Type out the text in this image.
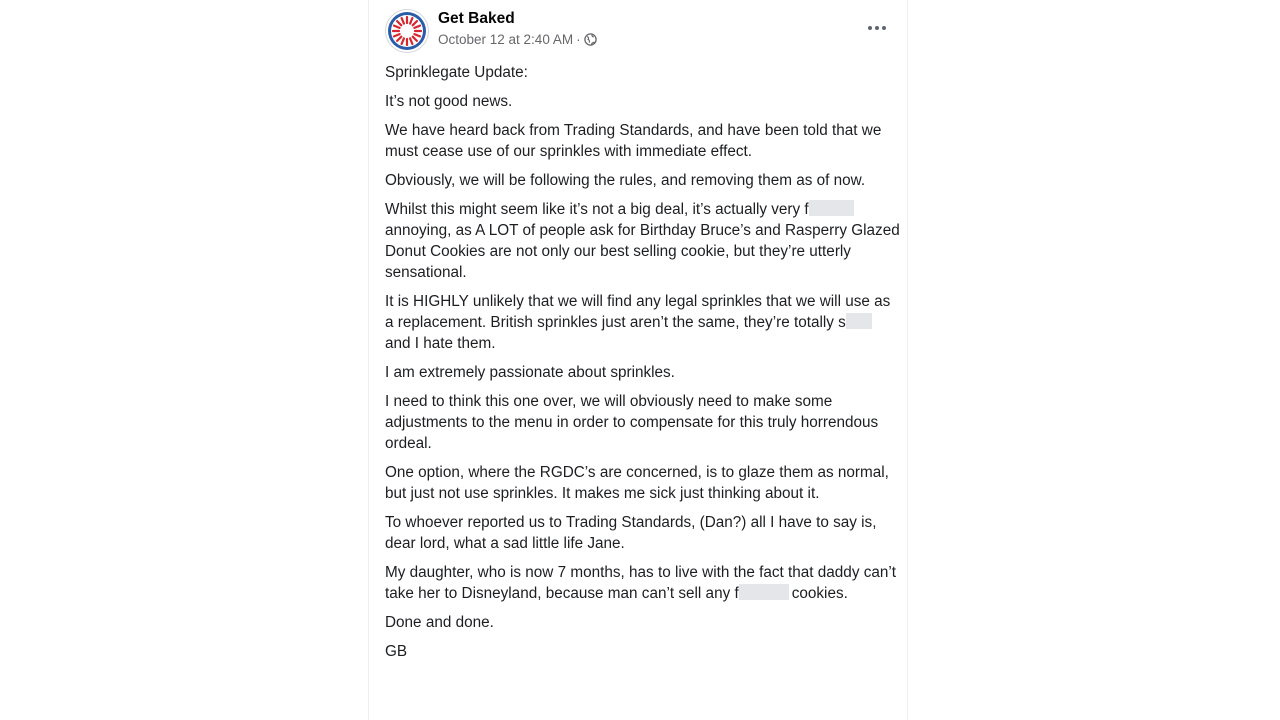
Get Baked
October 12 at 2:40 AM ·

Sprinklegate Update:

It’s not good news.

We have heard back from Trading Standards, and have been told that we must cease use of our sprinkles with immediate effect.

Obviously, we will be following the rules, and removing them as of now.

Whilst this might seem like it’s not a big deal, it’s actually very fannoying, as A LOT of people ask for Birthday Bruce’s and Rasperry Glazed Donut Cookies are not only our best selling cookie, but they’re utterly sensational.

It is HIGHLY unlikely that we will find any legal sprinkles that we will use as a replacement. British sprinkles just aren’t the same, they’re totally sand I hate them.

I am extremely passionate about sprinkles.

I need to think this one over, we will obviously need to make some adjustments to the menu in order to compensate for this truly horrendous ordeal.

One option, where the RGDC’s are concerned, is to glaze them as normal, but just not use sprinkles. It makes me sick just thinking about it.

To whoever reported us to Trading Standards, (Dan?) all I have to say is, dear lord, what a sad little life Jane.

My daughter, who is now 7 months, has to live with the fact that daddy can’t take her to Disneyland, because man can’t sell any f	cookies.

Done and done.

GB
